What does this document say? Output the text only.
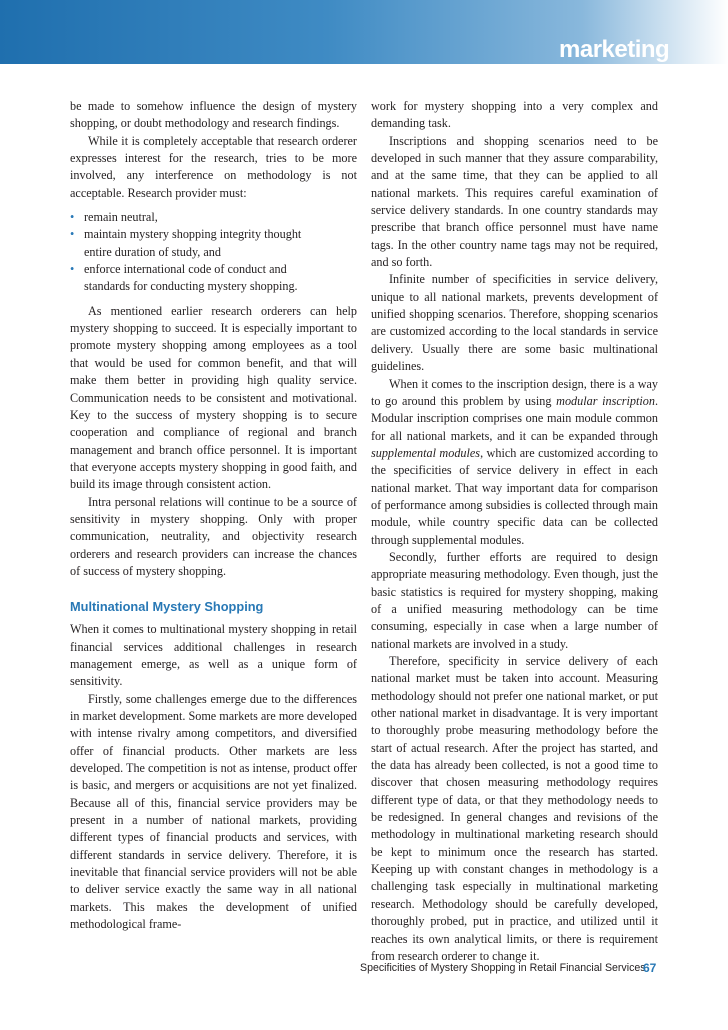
marketing

be made to somehow influence the design of mystery shopping, or doubt methodology and research findings.

While it is completely acceptable that research orderer expresses interest for the research, tries to be more involved, any interference on methodology is not acceptable. Research provider must:

• remain neutral,
• maintain mystery shopping integrity thought entire duration of study, and
• enforce international code of conduct and standards for conducting mystery shopping.

As mentioned earlier research orderers can help mystery shopping to succeed. It is especially important to promote mystery shopping among employees as a tool that would be used for common benefit, and that will make them better in providing high quality service. Communication needs to be consistent and motivational. Key to the success of mystery shopping is to secure cooperation and compliance of regional and branch management and branch office personnel. It is important that everyone accepts mystery shopping in good faith, and build its image through consistent action.

Intra personal relations will continue to be a source of sensitivity in mystery shopping. Only with proper communication, neutrality, and objectivity research orderers and research providers can increase the chances of success of mystery shopping.

Multinational Mystery Shopping

When it comes to multinational mystery shopping in retail financial services additional challenges in research management emerge, as well as a unique form of sensitivity.

Firstly, some challenges emerge due to the differences in market development. Some markets are more developed with intense rivalry among competitors, and diversified offer of financial products. Other markets are less developed. The competition is not as intense, product offer is basic, and mergers or acquisitions are not yet finalized. Because all of this, financial service providers may be present in a number of national markets, providing different types of financial products and services, with different standards in service delivery. Therefore, it is inevitable that financial service providers will not be able to deliver service exactly the same way in all national markets. This makes the development of unified methodological frame-

work for mystery shopping into a very complex and demanding task.

Inscriptions and shopping scenarios need to be developed in such manner that they assure comparability, and at the same time, that they can be applied to all national markets. This requires careful examination of service delivery standards. In one country standards may prescribe that branch office personnel must have name tags. In the other country name tags may not be required, and so forth.

Infinite number of specificities in service delivery, unique to all national markets, prevents development of unified shopping scenarios. Therefore, shopping scenarios are customized according to the local standards in service delivery. Usually there are some basic multinational guidelines.

When it comes to the inscription design, there is a way to go around this problem by using modular inscription. Modular inscription comprises one main module common for all national markets, and it can be expanded through supplemental modules, which are customized according to the specificities of service delivery in effect in each national market. That way important data for comparison of performance among subsidies is collected through main module, while country specific data can be collected through supplemental modules.

Secondly, further efforts are required to design appropriate measuring methodology. Even though, just the basic statistics is required for mystery shopping, making of a unified measuring methodology can be time consuming, especially in case when a large number of national markets are involved in a study.

Therefore, specificity in service delivery of each national market must be taken into account. Measuring methodology should not prefer one national market, or put other national market in disadvantage. It is very important to thoroughly probe measuring methodology before the start of actual research. After the project has started, and the data has already been collected, is not a good time to discover that chosen measuring methodology requires different type of data, or that they methodology needs to be redesigned. In general changes and revisions of the methodology in multinational marketing research should be kept to minimum once the research has started. Keeping up with constant changes in methodology is a challenging task especially in multinational marketing research. Methodology should be carefully developed, thoroughly probed, put in practice, and utilized until it reaches its own analytical limits, or there is requirement from research orderer to change it.

Specificities of Mystery Shopping in Retail Financial Services
67
